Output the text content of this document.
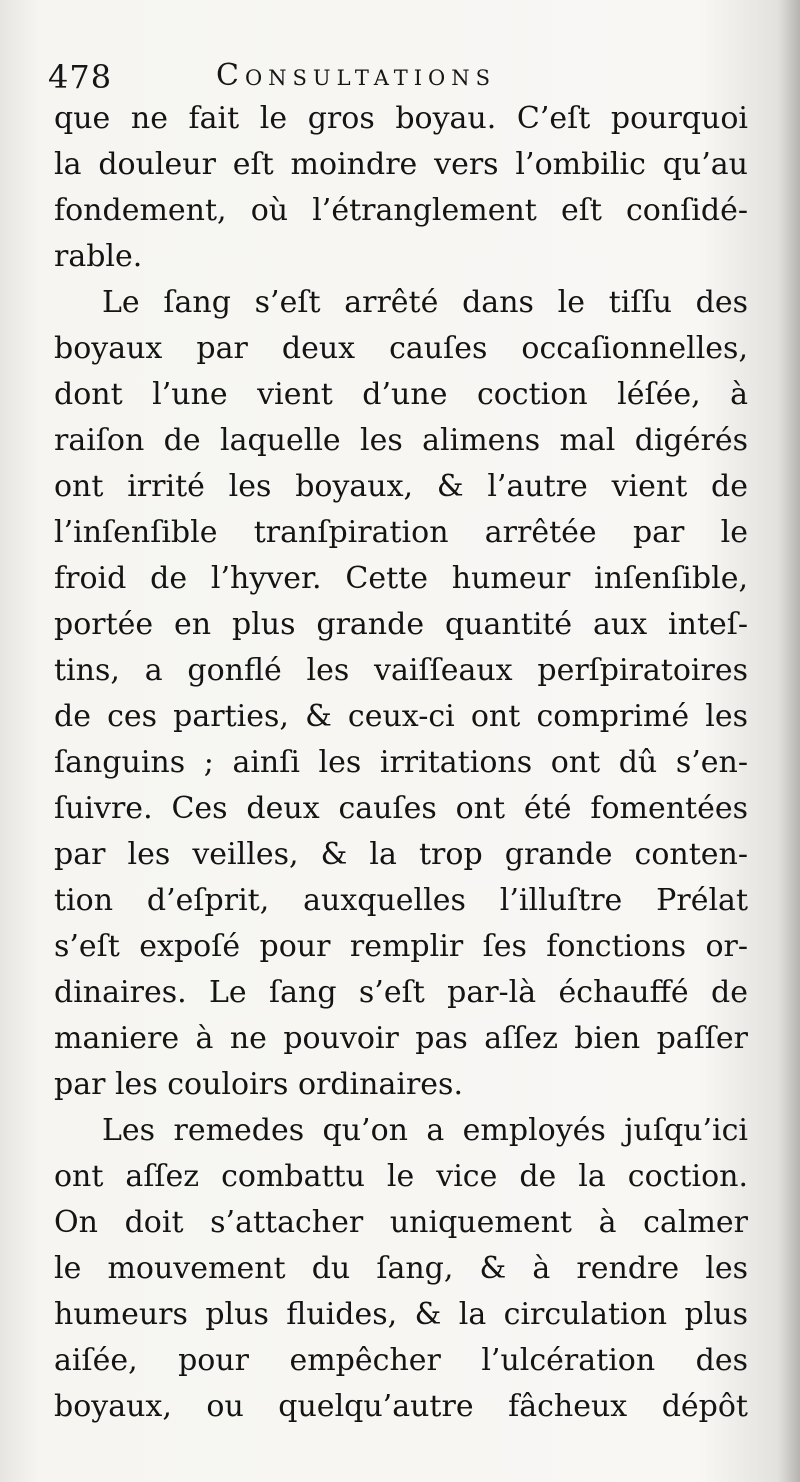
478	Consultations
que ne fait le gros boyau. C’eſt pourquoi
la douleur eſt moindre vers l’ombilic qu’au
fondement, où l’étranglement eſt conſidé-
rable.
Le ſang s’eſt arrêté dans le tiſſu des
boyaux par deux cauſes occaſionnelles,
dont l’une vient d’une coction léſée, à
raiſon de laquelle les alimens mal digérés
ont irrité les boyaux, & l’autre vient de
l’inſenſible tranſpiration arrêtée par le
froid de l’hyver. Cette humeur inſenſible,
portée en plus grande quantité aux inteſ-
tins, a gonflé les vaiſſeaux perſpiratoires
de ces parties, & ceux-ci ont comprimé les
ſanguins ; ainſi les irritations ont dû s’en-
ſuivre. Ces deux cauſes ont été fomentées
par les veilles, & la trop grande conten-
tion d’eſprit, auxquelles l’illuſtre Prélat
s’eſt expoſé pour remplir ſes fonctions or-
dinaires. Le ſang s’eſt par-là échauffé de
maniere à ne pouvoir pas aſſez bien paſſer
par les couloirs ordinaires.
Les remedes qu’on a employés juſqu’ici
ont aſſez combattu le vice de la coction.
On doit s’attacher uniquement à calmer
le mouvement du ſang, & à rendre les
humeurs plus fluides, & la circulation plus
aiſée, pour empêcher l’ulcération des
boyaux, ou quelqu’autre fâcheux dépôt
